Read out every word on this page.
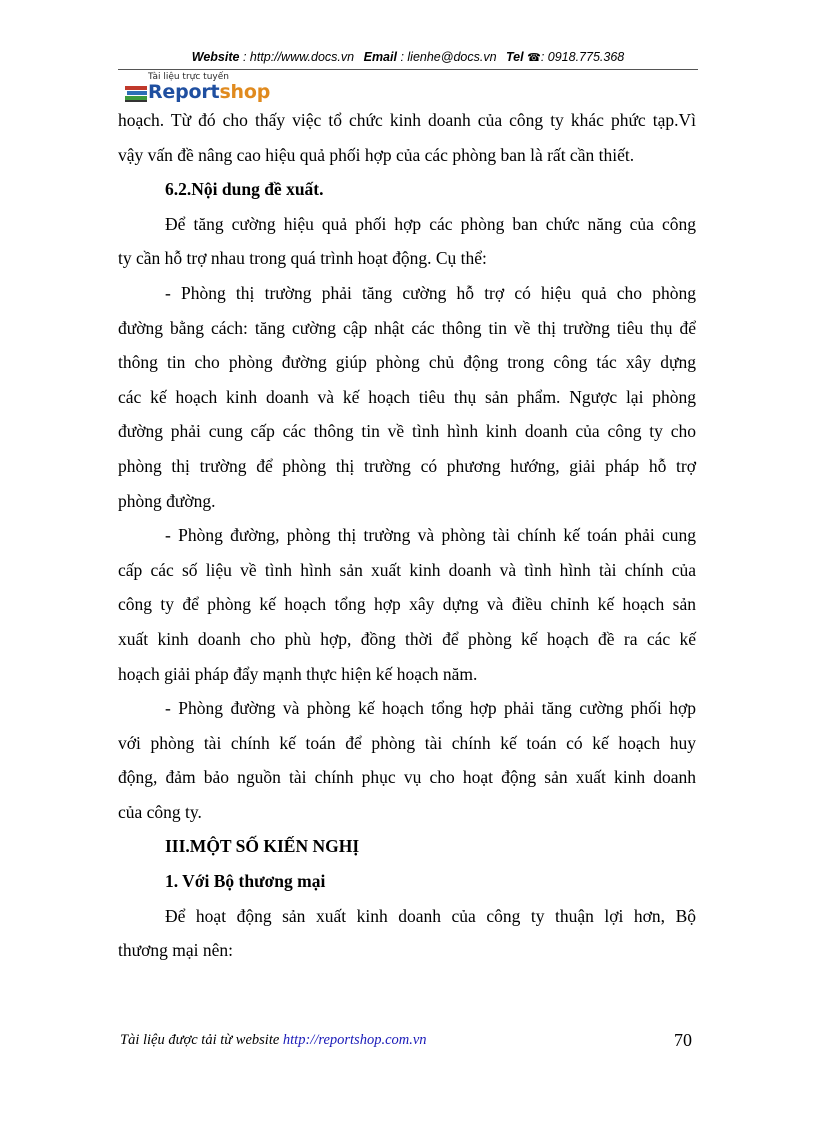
Website : http://www.docs.vn Email : lienhe@docs.vn Tel ☎: 0918.775.368
Tài liệu trực tuyến
Reportshop
hoạch. Từ đó cho thấy việc tổ chức kinh doanh của công ty khác phức tạp.Vì
vậy vấn đề nâng cao hiệu quả phối hợp của các phòng ban là rất cần thiết.
6.2.Nội dung đề xuất.
Để tăng cường hiệu quả phối hợp các phòng ban chức năng của công
ty cần hỗ trợ nhau trong quá trình hoạt động. Cụ thể:
- Phòng thị trường phải tăng cường hỗ trợ có hiệu quả cho phòng
đường bằng cách: tăng cường cập nhật các thông tin về thị trường tiêu thụ để
thông tin cho phòng đường giúp phòng chủ động trong công tác xây dựng
các kế hoạch kinh doanh và kế hoạch tiêu thụ sản phẩm. Ngược lại phòng
đường phải cung cấp các thông tin về tình hình kinh doanh của công ty cho
phòng thị trường để phòng thị trường có phương hướng, giải pháp hỗ trợ
phòng đường.
- Phòng đường, phòng thị trường và phòng tài chính kế toán phải cung
cấp các số liệu về tình hình sản xuất kinh doanh và tình hình tài chính của
công ty để phòng kế hoạch tổng hợp xây dựng và điều chỉnh kế hoạch sản
xuất kinh doanh cho phù hợp, đồng thời để phòng kế hoạch đề ra các kế
hoạch giải pháp đẩy mạnh thực hiện kế hoạch năm.
- Phòng đường và phòng kế hoạch tổng hợp phải tăng cường phối hợp
với phòng tài chính kế toán để phòng tài chính kế toán có kế hoạch huy
động, đảm bảo nguồn tài chính phục vụ cho hoạt động sản xuất kinh doanh
của công ty.
III.MỘT SỐ KIẾN NGHỊ
1. Với Bộ thương mại
Để hoạt động sản xuất kinh doanh của công ty thuận lợi hơn, Bộ
thương mại nên:
Tài liệu được tải từ website http://reportshop.com.vn	70
